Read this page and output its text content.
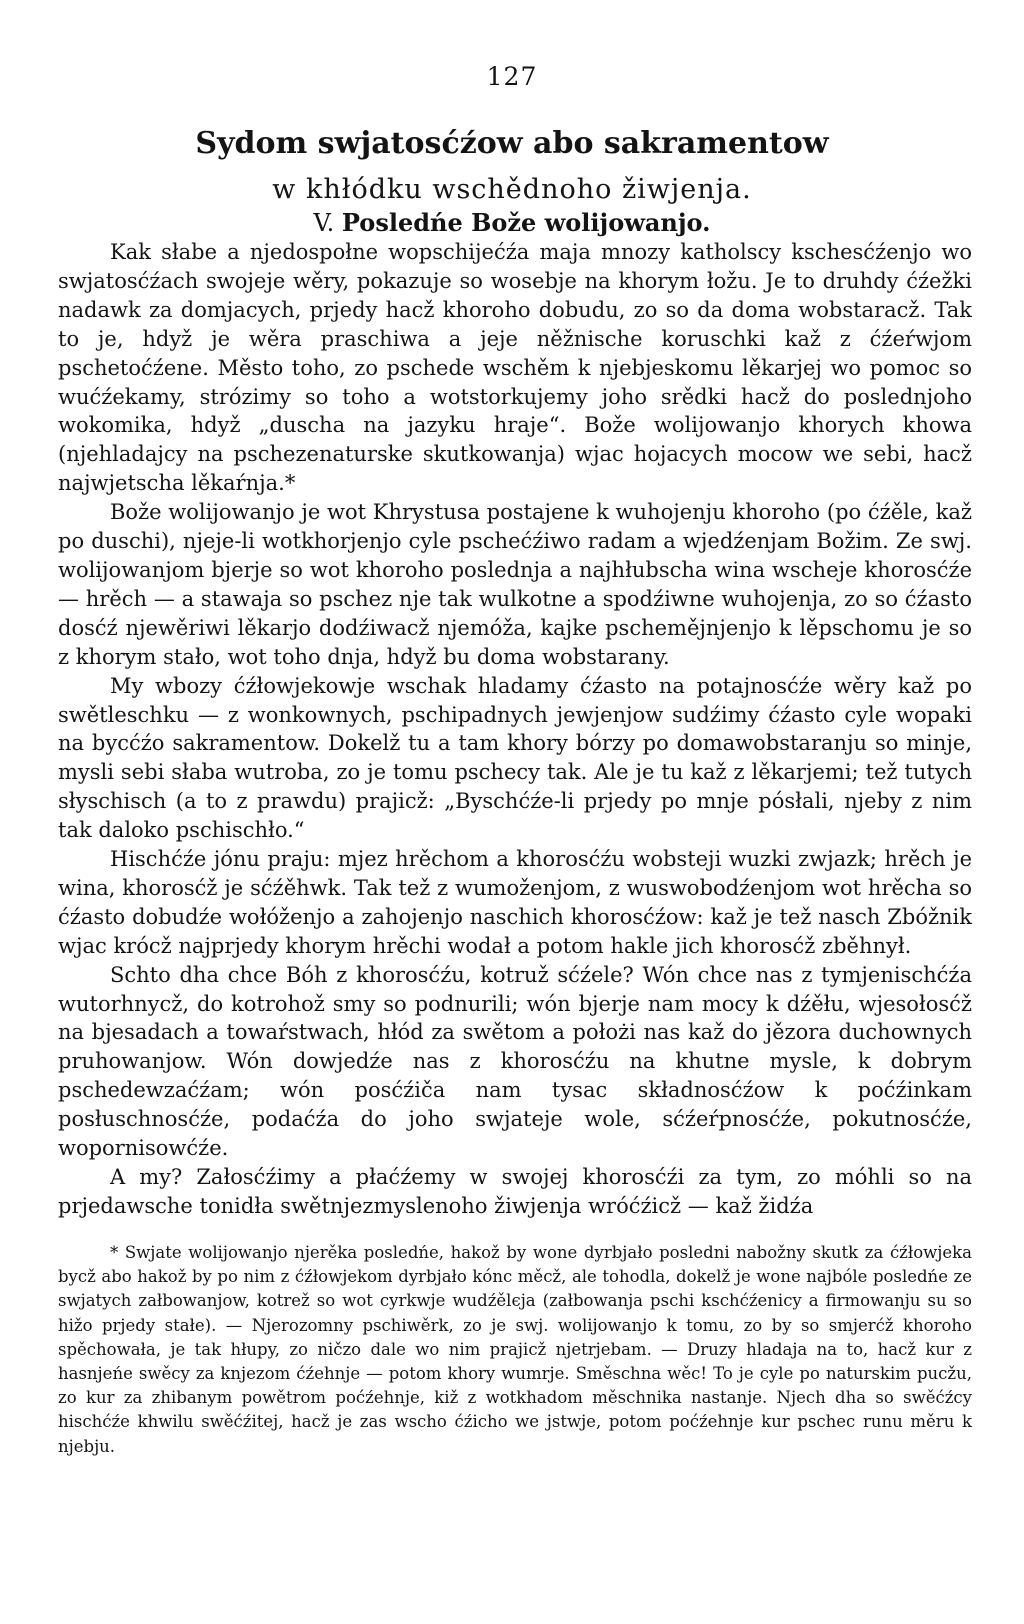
127
Sydom swjatosćźow abo sakramentow
w khłódku wschědnoho žiwjenja.
V. Posledńe Bože wolijowanjo.

Kak słabe a njedospołne wopschijećźa maja mnozy katholscy kschesćźenjo wo swjatosćźach swojeje wěry, pokazuje so wosebje na khorym łožu. Je to druhdy ćźežki nadawk za domjacych, prjedy hacž khoroho dobudu, zo so da doma wobstaracž. Tak to je, hdyž je wěra praschiwa a jeje něžnische koruschki kaž z ćźeŕwjom pschetoćźene. Město toho, zo pschede wschěm k njebjeskomu lěkarjej wo pomoc so wućźekamy, strózimy so toho a wotstorkujemy joho srědki hacž do poslednjoho wokomika, hdyž „duscha na jazyku hraje“. Bože wolijowanjo khorych khowa (njehladajcy na pschezenaturske skutkowanja) wjac hojacych mocow we sebi, hacž najwjetscha lěkaŕnja.*

Bože wolijowanjo je wot Khrystusa postajene k wuhojenju khoroho (po ćźěle, kaž po duschi), njeje-li wotkhorjenjo cyle pschećźiwo radam a wjedźenjam Božim. Ze swj. wolijowanjom bjerje so wot khoroho poslednja a najhłubscha wina wscheje khorosćźe — hrěch — a stawaja so pschez nje tak wulkotne a spodźiwne wuhojenja, zo so ćźasto dosćź njewěriwi lěkarjo dodźiwacž njemóža, kajke pschemějnjenjo k lěpschomu je so z khorym stało, wot toho dnja, hdyž bu doma wobstarany.

My wbozy ćźłowjekowje wschak hladamy ćźasto na potajnosćźe wěry kaž po swětleschku — z wonkownych, pschipadnych jewjenjow sudźimy ćźasto cyle wopaki na bycćźo sakramentow. Dokelž tu a tam khory bórzy po domawobstaranju so minje, mysli sebi słaba wutroba, zo je tomu pschecy tak. Ale je tu kaž z lěkarjemi; tež tutych słyschisch (a to z prawdu) prajicž: „Byschćźe-li prjedy po mnje pósłali, njeby z nim tak daloko pschischło.“

Hischćźe jónu praju: mjez hrěchom a khorosćźu wobsteji wuzki zwjazk; hrěch je wina, khorosćž je sćźěhwk. Tak tež z wumoženjom, z wuswobodźenjom wot hrěcha so ćźasto dobudźe wołóženjo a zahojenjo naschich khorosćźow: kaž je tež nasch Zbóžnik wjac krócž najprjedy khorym hrěchi wodał a potom hakle jich khorosćž zběhnył.

Schto dha chce Bóh z khorosćźu, kotruž sćźele? Wón chce nas z tymjenischćźa wutorhnycž, do kotrohož smy so podnurili; wón bjerje nam mocy k dźěłu, wjesołosćž na bjesadach a towaŕstwach, hłód za swětom a położi nas kaž do jězora duchownych pruhowanjow. Wón dowjedźe nas z khorosćźu na khutne mysle, k dobrym pschedewzaćźam; wón posćźiča nam tysac składnosćźow k poćźinkam posłuschnosćźe, podaćźa do joho swjateje wole, sćźeŕpnosćźe, pokutnosćźe, wopornisowćźe.

A my? Załosćźimy a płaćźemy w swojej khorosćźi za tym, zo móhli so na prjedawsche tonidła swětnjezmyslenoho žiwjenja wróćźicž — kaž židźa

* Swjate wolijowanjo njerěka posledńe, hakož by wone dyrbjało posledni nabožny skutk za ćźłowjeka bycž abo hakož by po nim z ćźłowjekom dyrbjało kónc měcž, ale tohodla, dokelž je wone najbóle posledńe ze swjatych załbowanjow, kotrež so wot cyrkwje wudźělєja (załbowanja pschi kschćźenicy a firmowanju su so hižo prjedy stałe). — Njerozomny pschiwěrk, zo je swj. wolijowanjo k tomu, zo by so smjerćž khoroho spěchowała, je tak hłupy, zo ničzo dale wo nim prajicž njetrjebam. — Druzy hladaja na to, hacž kur z hasnjeńe swěcy za knjezom ćźehnje — potom khory wumrje. Směschna wěc! To je cyle po naturskim pucžu, zo kur za zhibanym powětrom poćźehnje, kiž z wotkhadom měschnika nastanje. Njech dha so swěćźcy hischćźe khwilu swěćźitej, hacž je zas wscho ćźicho we jstwje, potom poćźehnje kur pschec runu měru k njebju.
